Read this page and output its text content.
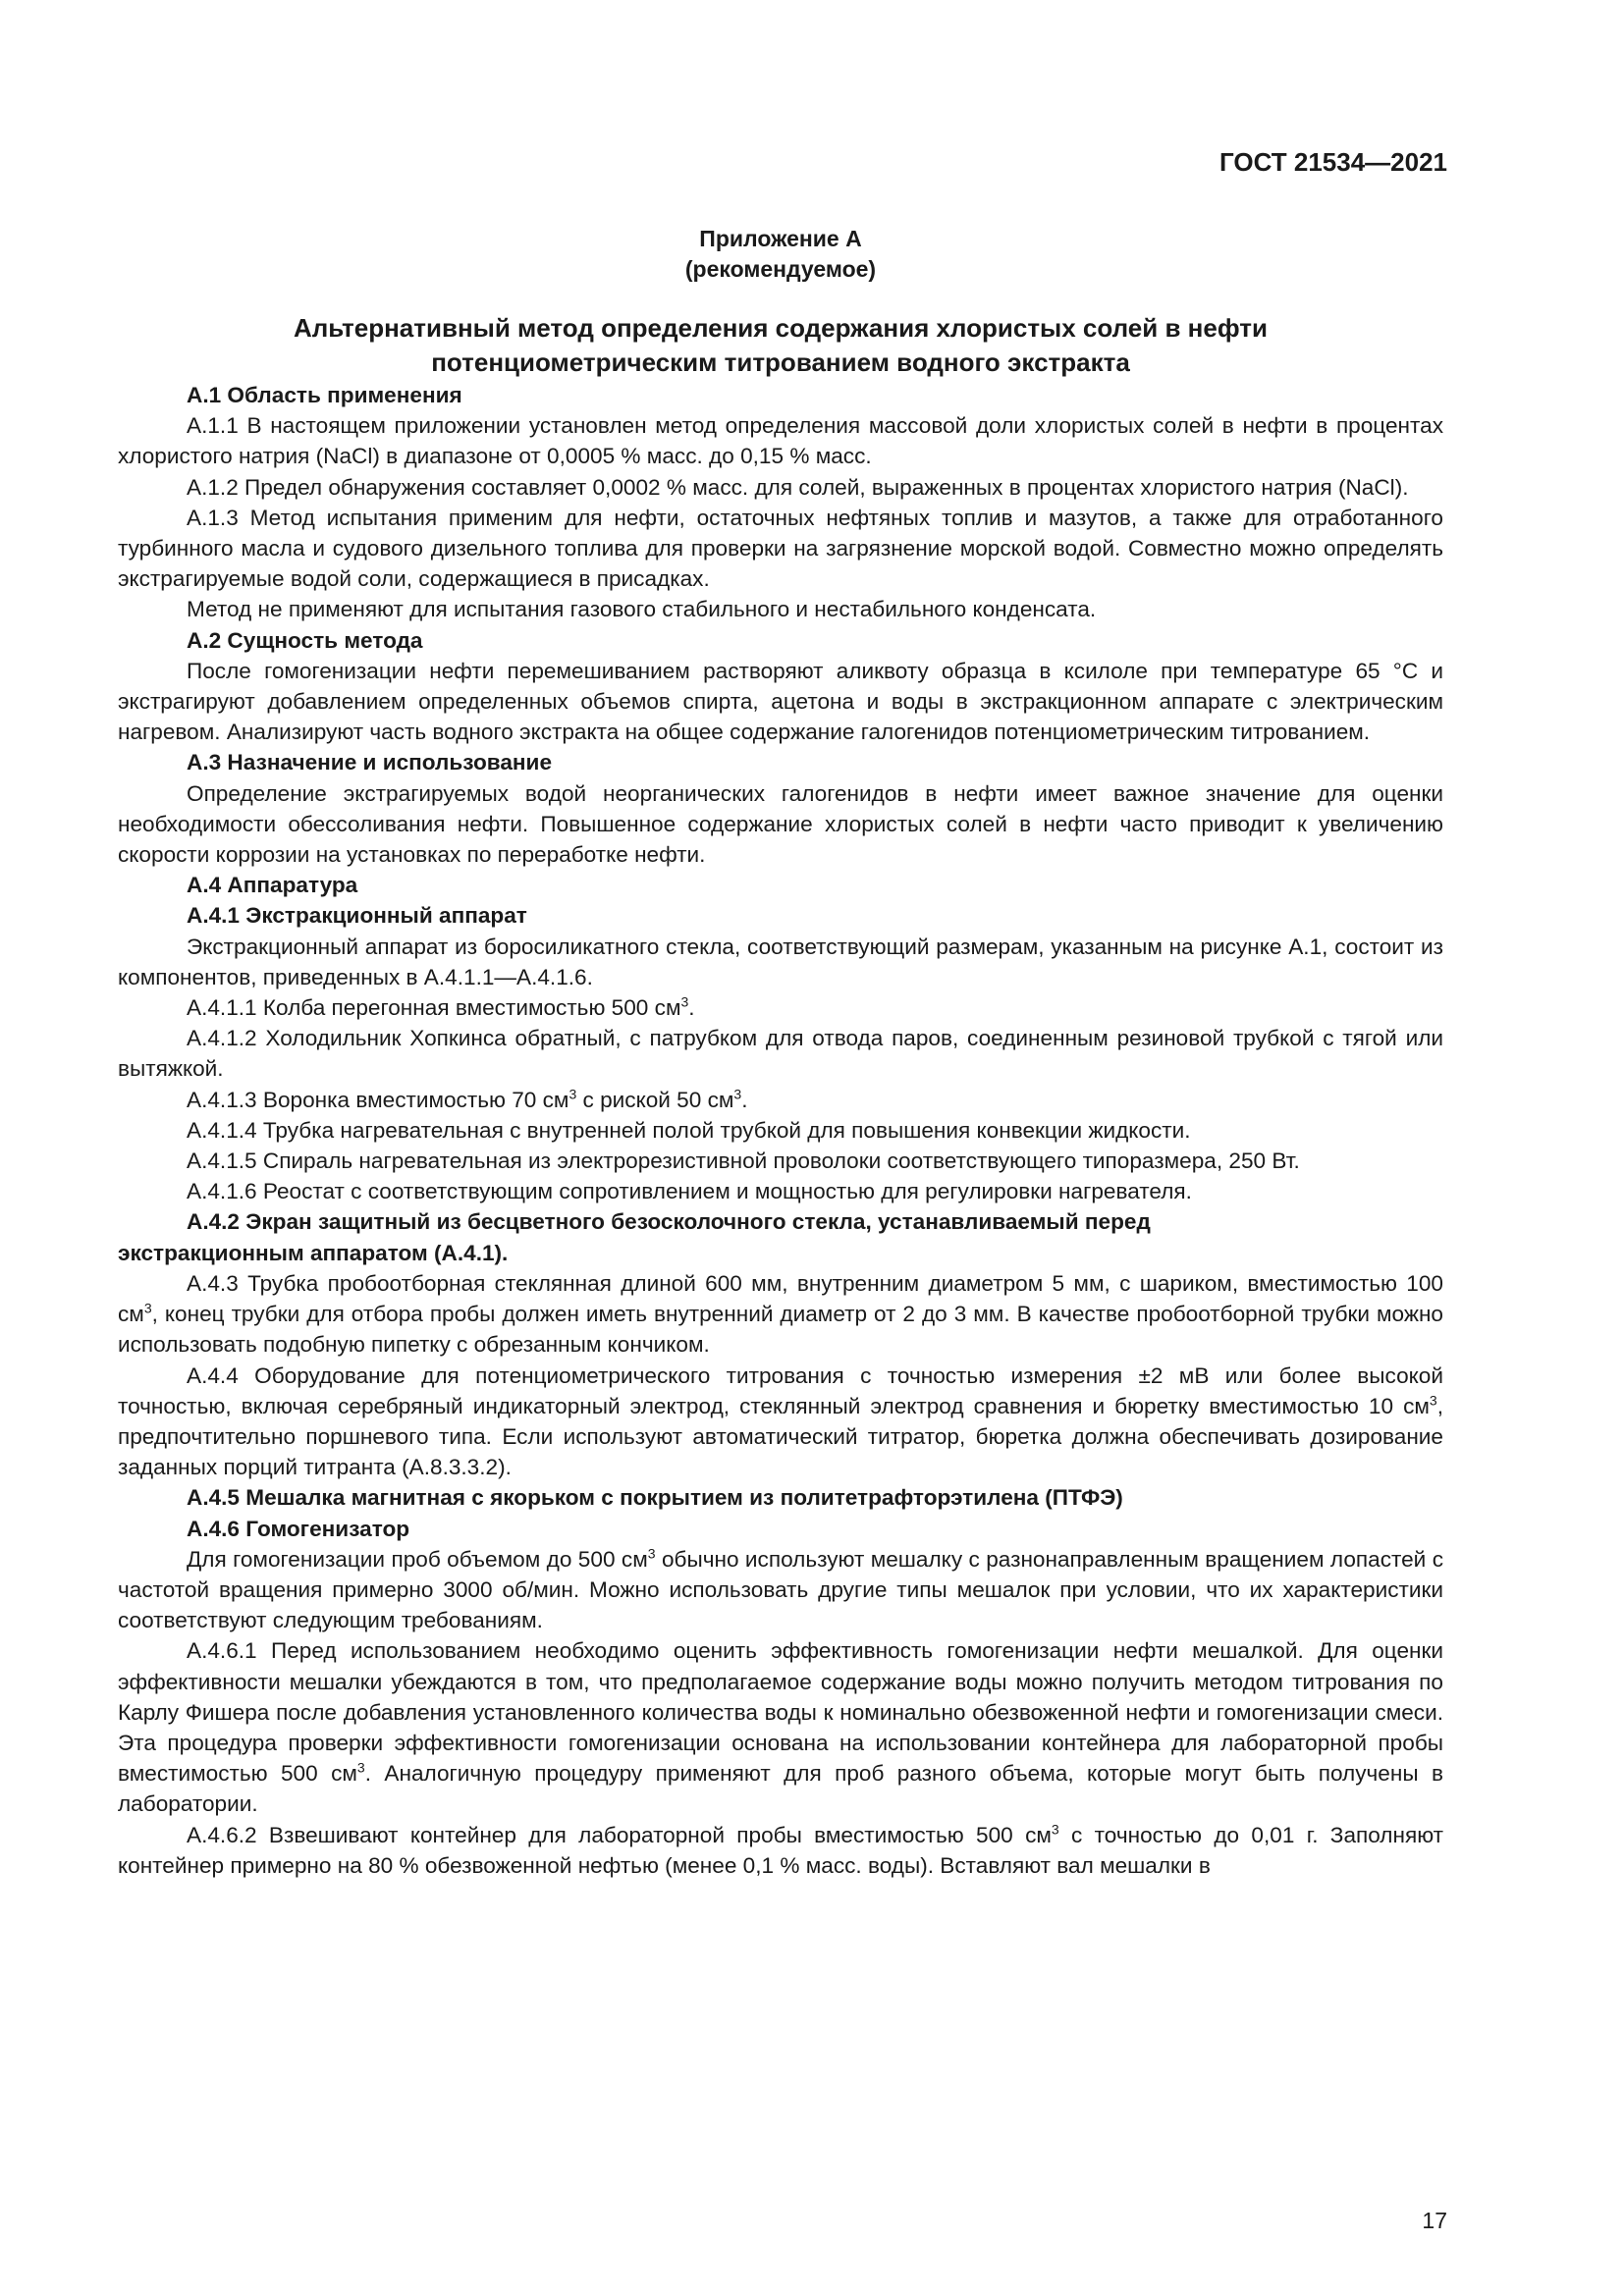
ГОСТ 21534—2021
Приложение А
(рекомендуемое)
Альтернативный метод определения содержания хлористых солей в нефти
потенциометрическим титрованием водного экстракта

А.1 Область применения

А.1.1 В настоящем приложении установлен метод определения массовой доли хлористых солей в нефти в процентах хлористого натрия (NaCl) в диапазоне от 0,0005 % масс. до 0,15 % масс.

А.1.2 Предел обнаружения составляет 0,0002 % масс. для солей, выраженных в процентах хлористого натрия (NaCl).

А.1.3 Метод испытания применим для нефти, остаточных нефтяных топлив и мазутов, а также для отработанного турбинного масла и судового дизельного топлива для проверки на загрязнение морской водой. Совместно можно определять экстрагируемые водой соли, содержащиеся в присадках.

Метод не применяют для испытания газового стабильного и нестабильного конденсата.

А.2 Сущность метода

После гомогенизации нефти перемешиванием растворяют аликвоту образца в ксилоле при температуре 65 °С и экстрагируют добавлением определенных объемов спирта, ацетона и воды в экстракционном аппарате с электрическим нагревом. Анализируют часть водного экстракта на общее содержание галогенидов потенциометрическим титрованием.

А.3 Назначение и использование

Определение экстрагируемых водой неорганических галогенидов в нефти имеет важное значение для оценки необходимости обессоливания нефти. Повышенное содержание хлористых солей в нефти часто приводит к увеличению скорости коррозии на установках по переработке нефти.

А.4 Аппаратура

А.4.1 Экстракционный аппарат

Экстракционный аппарат из боросиликатного стекла, соответствующий размерам, указанным на рисунке А.1, состоит из компонентов, приведенных в А.4.1.1—А.4.1.6.

А.4.1.1 Колба перегонная вместимостью 500 $см^3$.

А.4.1.2 Холодильник Хопкинса обратный, с патрубком для отвода паров, соединенным резиновой трубкой с тягой или вытяжкой.

А.4.1.3 Воронка вместимостью 70 $см^3$ с риской 50 $см^3$.

А.4.1.4 Трубка нагревательная с внутренней полой трубкой для повышения конвекции жидкости.

А.4.1.5 Спираль нагревательная из электрорезистивной проволоки соответствующего типоразмера, 250 Вт.

А.4.1.6 Реостат с соответствующим сопротивлением и мощностью для регулировки нагревателя.

А.4.2 Экран защитный из бесцветного безосколочного стекла, устанавливаемый перед

экстракционным аппаратом (А.4.1).

А.4.3 Трубка пробоотборная стеклянная длиной 600 мм, внутренним диаметром 5 мм, с шариком, вместимостью 100 $см^3$, конец трубки для отбора пробы должен иметь внутренний диаметр от 2 до 3 мм. В качестве пробоотборной трубки можно использовать подобную пипетку с обрезанным кончиком.

А.4.4 Оборудование для потенциометрического титрования с точностью измерения ±2 мВ или более высокой точностью, включая серебряный индикаторный электрод, стеклянный электрод сравнения и бюретку вместимостью 10 $см^3$, предпочтительно поршневого типа. Если используют автоматический титратор, бюретка должна обеспечивать дозирование заданных порций титранта (А.8.3.3.2).

А.4.5 Мешалка магнитная с якорьком с покрытием из политетрафторэтилена (ПТФЭ)

А.4.6 Гомогенизатор

Для гомогенизации проб объемом до 500 $см^3$ обычно используют мешалку с разнонаправленным вращением лопастей с частотой вращения примерно 3000 об/мин. Можно использовать другие типы мешалок при условии, что их характеристики соответствуют следующим требованиям.

А.4.6.1 Перед использованием необходимо оценить эффективность гомогенизации нефти мешалкой. Для оценки эффективности мешалки убеждаются в том, что предполагаемое содержание воды можно получить методом титрования по Карлу Фишера после добавления установленного количества воды к номинально обезвоженной нефти и гомогенизации смеси. Эта процедура проверки эффективности гомогенизации основана на использовании контейнера для лабораторной пробы вместимостью 500 $см^3$. Аналогичную процедуру применяют для проб разного объема, которые могут быть получены в лаборатории.

А.4.6.2 Взвешивают контейнер для лабораторной пробы вместимостью 500 $см^3$ с точностью до 0,01 г. Заполняют контейнер примерно на 80 % обезвоженной нефтью (менее 0,1 % масс. воды). Вставляют вал мешалки в

17
